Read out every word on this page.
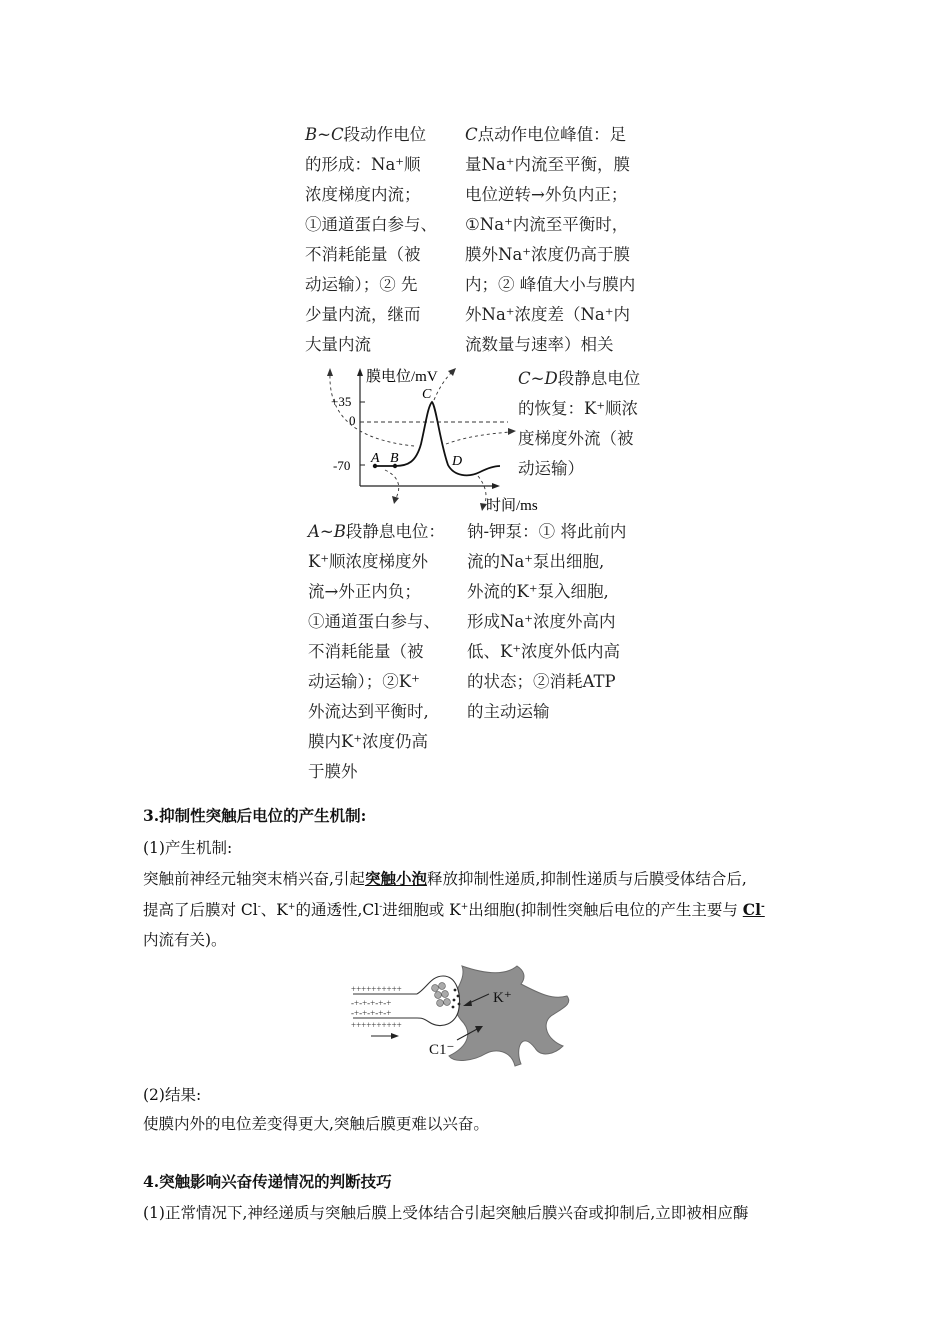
B~C段动作电位
的形成：Na⁺顺
浓度梯度内流；
①通道蛋白参与、
不消耗能量（被
动运输）；② 先
少量内流，继而
大量内流
C点动作电位峰值：足
量Na⁺内流至平衡，膜
电位逆转→外负内正；
①Na⁺内流至平衡时，
膜外Na⁺浓度仍高于膜
内；② 峰值大小与膜内
外Na⁺浓度差（Na⁺内
流数量与速率）相关
C~D段静息电位
的恢复：K⁺顺浓
度梯度外流（被
动运输）
膜电位/mV
时间/ms
+35
0
-70 A B
C
D
A~B段静息电位：
K⁺顺浓度梯度外
流→外正内负；
①通道蛋白参与、
不消耗能量（被
动运输）；②K⁺
外流达到平衡时,
膜内K⁺浓度仍高
于膜外
钠-钾泵：① 将此前内
流的Na⁺泵出细胞,
外流的K⁺泵入细胞,
形成Na⁺浓度外高内
低、K⁺浓度外低内高
的状态；②消耗ATP
的主动运输
3.抑制性突触后电位的产生机制:
(1)产生机制:
突触前神经元轴突末梢兴奋,引起突触小泡释放抑制性递质,抑制性递质与后膜受体结合后,
提高了后膜对 Cl-、K+的通透性,Cl-进细胞或 K+出细胞(抑制性突触后电位的产生主要与 Cl-
内流有关)。
++++++++++
-+-+-+-+-+
-+-+-+-+-+
++++++++++
K⁺
C1⁻
(2)结果:
使膜内外的电位差变得更大,突触后膜更难以兴奋。
4.突触影响兴奋传递情况的判断技巧
(1)正常情况下,神经递质与突触后膜上受体结合引起突触后膜兴奋或抑制后,立即被相应酶
